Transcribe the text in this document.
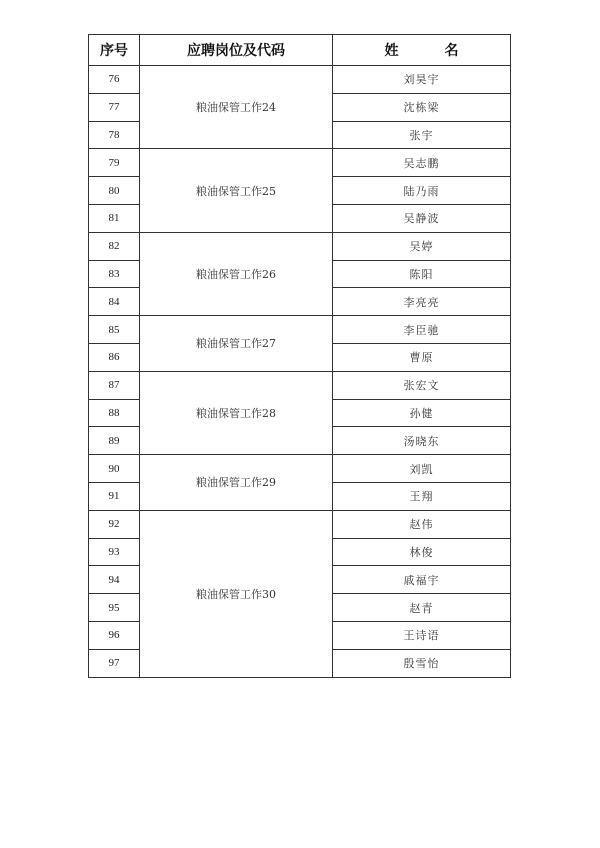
序号	应聘岗位及代码	姓　名
76	粮油保管工作24	刘昊宇
77		沈栋梁
78		张宇
79	粮油保管工作25	吴志鹏
80		陆乃雨
81		吴静波
82	粮油保管工作26	吴婷
83		陈阳
84		李亮亮
85	粮油保管工作27	李臣驰
86		曹原
87	粮油保管工作28	张宏文
88		孙健
89		汤晓东
90	粮油保管工作29	刘凯
91		王翔
92	粮油保管工作30	赵伟
93		林俊
94		戚福宇
95		赵青
96		王诗语
97		殷雪怡
